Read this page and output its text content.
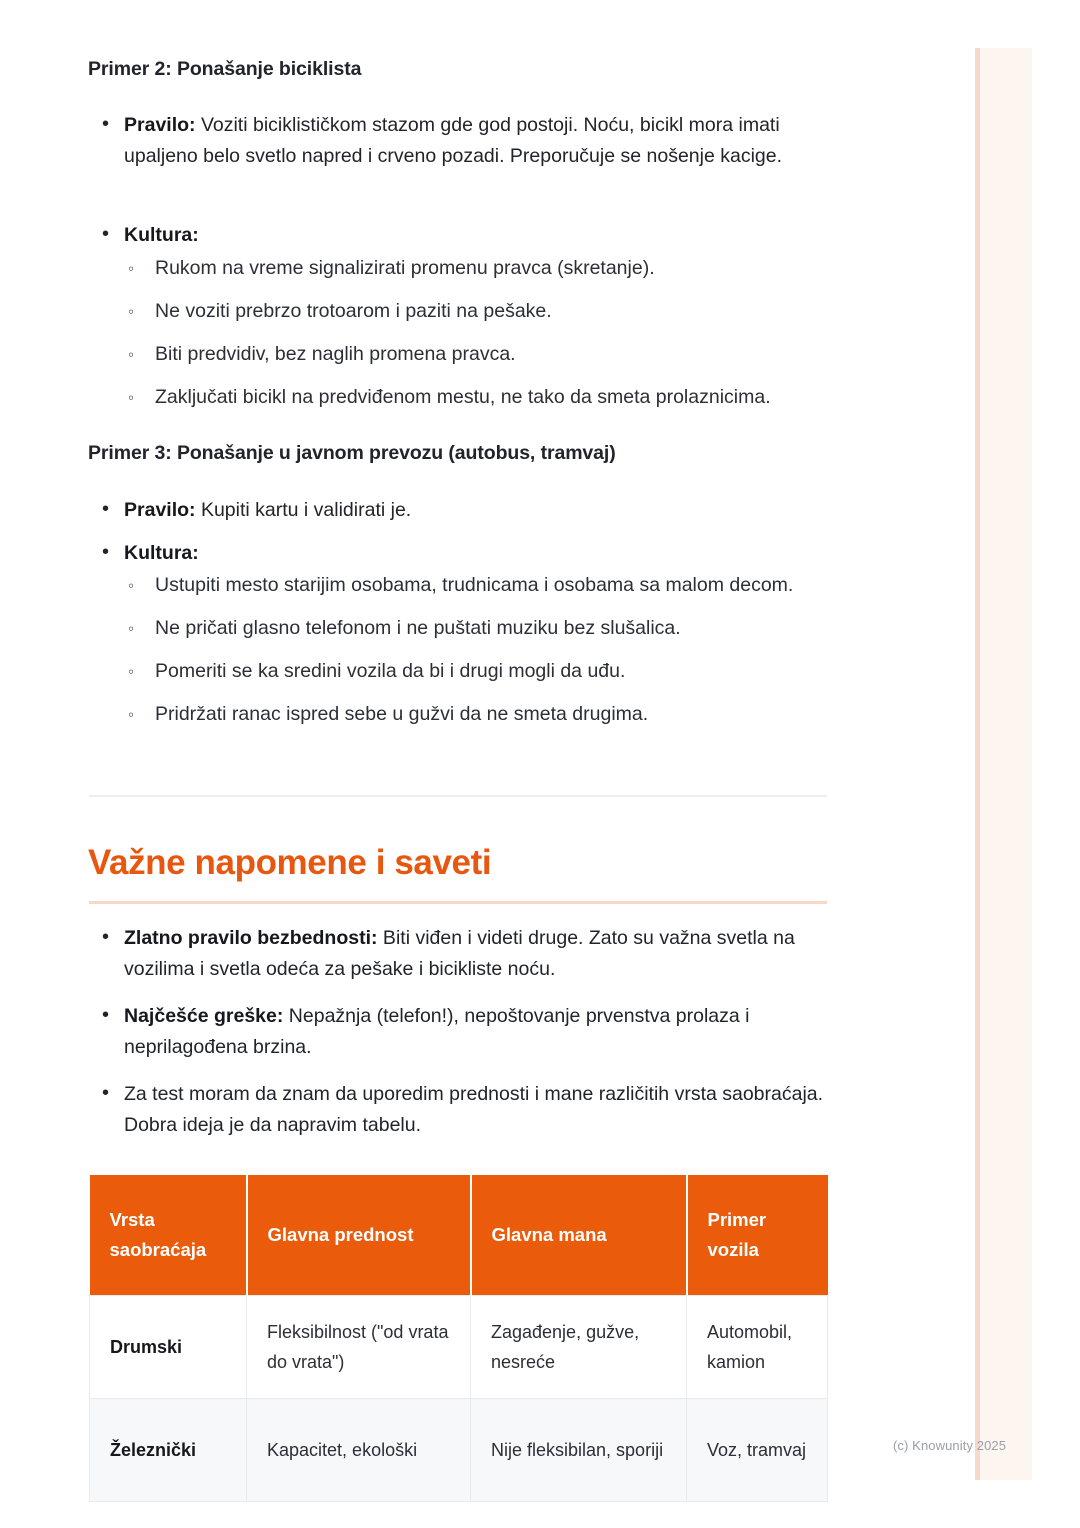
Primer 2: Ponašanje biciklista
• Pravilo: Voziti biciklističkom stazom gde god postoji. Noću, bicikl mora imati upaljeno belo svetlo napred i crveno pozadi. Preporučuje se nošenje kacige.
• Kultura:
◦ Rukom na vreme signalizirati promenu pravca (skretanje).
◦ Ne voziti prebrzo trotoarom i paziti na pešake.
◦ Biti predvidiv, bez naglih promena pravca.
◦ Zaključati bicikl na predviđenom mestu, ne tako da smeta prolaznicima.
Primer 3: Ponašanje u javnom prevozu (autobus, tramvaj)
• Pravilo: Kupiti kartu i validirati je.
• Kultura:
◦ Ustupiti mesto starijim osobama, trudnicama i osobama sa malom decom.
◦ Ne pričati glasno telefonom i ne puštati muziku bez slušalica.
◦ Pomeriti se ka sredini vozila da bi i drugi mogli da uđu.
◦ Pridržati ranac ispred sebe u gužvi da ne smeta drugima.
Važne napomene i saveti
• Zlatno pravilo bezbednosti: Biti viđen i videti druge. Zato su važna svetla na vozilima i svetla odeća za pešake i bicikliste noću.
• Najčešće greške: Nepažnja (telefon!), nepoštovanje prvenstva prolaza i neprilagođena brzina.
• Za test moram da znam da uporedim prednosti i mane različitih vrsta saobraćaja. Dobra ideja je da napravim tabelu.
Vrsta saobraćaja	Glavna prednost	Glavna mana	Primer vozila
Drumski	Fleksibilnost ("od vrata do vrata")	Zagađenje, gužve, nesreće	Automobil, kamion
Železnički	Kapacitet, ekološki	Nije fleksibilan, sporiji	Voz, tramvaj	(c) Knowunity 2025
